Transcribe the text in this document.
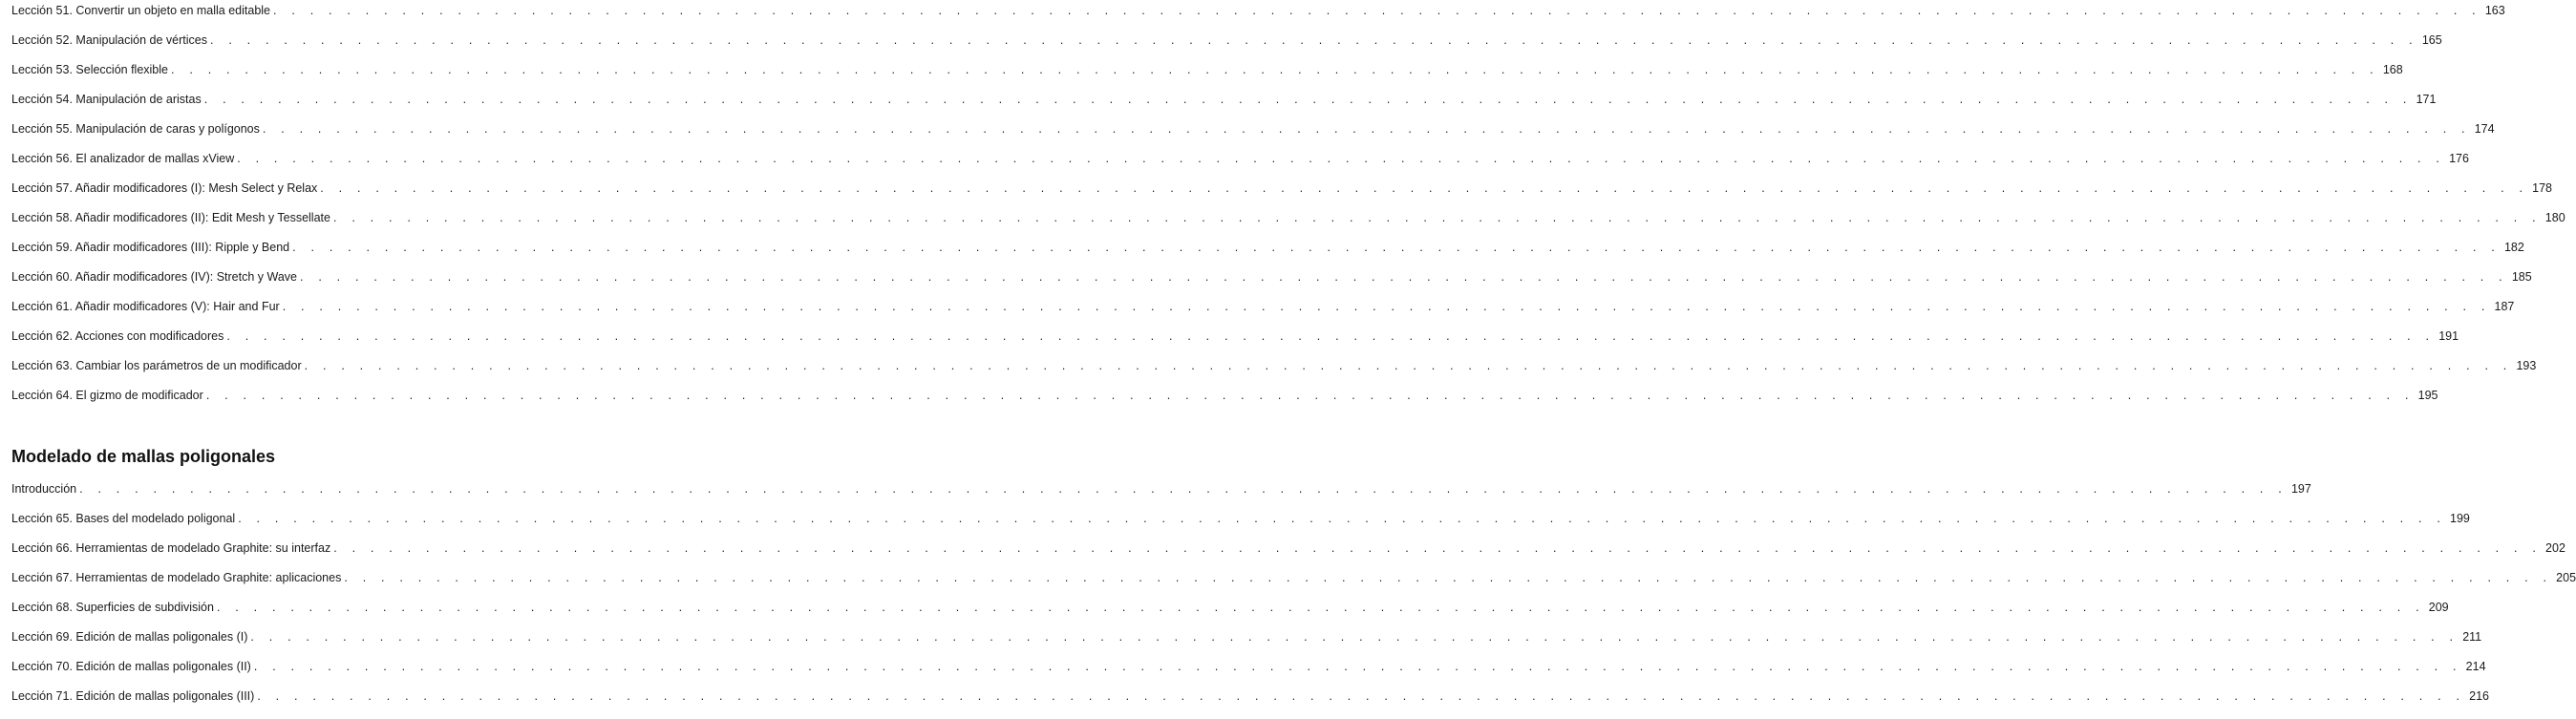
Lección 51. Convertir un objeto en malla editable . . . . . . . . . . . . . . . . . . . . . . . . . . . . . . . . . . . . . . . . . . . . . . . . . . . . . . . . . . . . . . . . . . . . . . . . . . . . . . . . . . . . . . . . . . . . . . . . . . . . . . . . . . . . . . . . . . . . . . . . 163
Lección 52. Manipulación de vértices . . . . . . . . . . . . . . . . . . . . . . . . . . . . . . . . . . . . . . . . . . . . . . . . . . . . . . . . . . . . . . . . . . . . . . . . . . . . . . . . . . . . . . . . . . . . . . . . . . . . . . . . . . . . . . . . . . . . . . . . 165
Lección 53. Selección flexible . . . . . . . . . . . . . . . . . . . . . . . . . . . . . . . . . . . . . . . . . . . . . . . . . . . . . . . . . . . . . . . . . . . . . . . . . . . . . . . . . . . . . . . . . . . . . . . . . . . . . . . . . . . . . . . . . . . . . . . . 168
Lección 54. Manipulación de aristas . . . . . . . . . . . . . . . . . . . . . . . . . . . . . . . . . . . . . . . . . . . . . . . . . . . . . . . . . . . . . . . . . . . . . . . . . . . . . . . . . . . . . . . . . . . . . . . . . . . . . . . . . . . . . . . . . . . . . . . . 171
Lección 55. Manipulación de caras y polígonos . . . . . . . . . . . . . . . . . . . . . . . . . . . . . . . . . . . . . . . . . . . . . . . . . . . . . . . . . . . . . . . . . . . . . . . . . . . . . . . . . . . . . . . . . . . . . . . . . . . . . . . . . . . . . . . . . . . . . . . . 174
Lección 56. El analizador de mallas xView . . . . . . . . . . . . . . . . . . . . . . . . . . . . . . . . . . . . . . . . . . . . . . . . . . . . . . . . . . . . . . . . . . . . . . . . . . . . . . . . . . . . . . . . . . . . . . . . . . . . . . . . . . . . . . . . . . . . . . . . 176
Lección 57. Añadir modificadores (I): Mesh Select y Relax . . . . . . . . . . . . . . . . . . . . . . . . . . . . . . . . . . . . . . . . . . . . . . . . . . . . . . . . . . . . . . . . . . . . . . . . . . . . . . . . . . . . . . . . . . . . . . . . . . . . . . . . . . . . . . . . . . . . . . . . 178
Lección 58. Añadir modificadores (II): Edit Mesh y Tessellate . . . . . . . . . . . . . . . . . . . . . . . . . . . . . . . . . . . . . . . . . . . . . . . . . . . . . . . . . . . . . . . . . . . . . . . . . . . . . . . . . . . . . . . . . . . . . . . . . . . . . . . . . . . . . . . . . . . . . . . . 180
Lección 59. Añadir modificadores (III): Ripple y Bend . . . . . . . . . . . . . . . . . . . . . . . . . . . . . . . . . . . . . . . . . . . . . . . . . . . . . . . . . . . . . . . . . . . . . . . . . . . . . . . . . . . . . . . . . . . . . . . . . . . . . . . . . . . . . . . . . . . . . . . . 182
Lección 60. Añadir modificadores (IV): Stretch y Wave . . . . . . . . . . . . . . . . . . . . . . . . . . . . . . . . . . . . . . . . . . . . . . . . . . . . . . . . . . . . . . . . . . . . . . . . . . . . . . . . . . . . . . . . . . . . . . . . . . . . . . . . . . . . . . . . . . . . . . . . 185
Lección 61. Añadir modificadores (V): Hair and Fur . . . . . . . . . . . . . . . . . . . . . . . . . . . . . . . . . . . . . . . . . . . . . . . . . . . . . . . . . . . . . . . . . . . . . . . . . . . . . . . . . . . . . . . . . . . . . . . . . . . . . . . . . . . . . . . . . . . . . . . . 187
Lección 62. Acciones con modificadores . . . . . . . . . . . . . . . . . . . . . . . . . . . . . . . . . . . . . . . . . . . . . . . . . . . . . . . . . . . . . . . . . . . . . . . . . . . . . . . . . . . . . . . . . . . . . . . . . . . . . . . . . . . . . . . . . . . . . . . . 191
Lección 63. Cambiar los parámetros de un modificador . . . . . . . . . . . . . . . . . . . . . . . . . . . . . . . . . . . . . . . . . . . . . . . . . . . . . . . . . . . . . . . . . . . . . . . . . . . . . . . . . . . . . . . . . . . . . . . . . . . . . . . . . . . . . . . . . . . . . . . . 193
Lección 64. El gizmo de modificador . . . . . . . . . . . . . . . . . . . . . . . . . . . . . . . . . . . . . . . . . . . . . . . . . . . . . . . . . . . . . . . . . . . . . . . . . . . . . . . . . . . . . . . . . . . . . . . . . . . . . . . . . . . . . . . . . . . . . . . . 195
Modelado de mallas poligonales
Introducción . . . . . . . . . . . . . . . . . . . . . . . . . . . . . . . . . . . . . . . . . . . . . . . . . . . . . . . . . . . . . . . . . . . . . . . . . . . . . . . . . . . . . . . . . . . . . . . . . . . . . . . . . . . . . . . . . . . . . . . . 197
Lección 65. Bases del modelado poligonal . . . . . . . . . . . . . . . . . . . . . . . . . . . . . . . . . . . . . . . . . . . . . . . . . . . . . . . . . . . . . . . . . . . . . . . . . . . . . . . . . . . . . . . . . . . . . . . . . . . . . . . . . . . . . . . . . . . . . . . . 199
Lección 66. Herramientas de modelado Graphite: su interfaz . . . . . . . . . . . . . . . . . . . . . . . . . . . . . . . . . . . . . . . . . . . . . . . . . . . . . . . . . . . . . . . . . . . . . . . . . . . . . . . . . . . . . . . . . . . . . . . . . . . . . . . . . . . . . . . . . . . . . . . . 202
Lección 67. Herramientas de modelado Graphite: aplicaciones . . . . . . . . . . . . . . . . . . . . . . . . . . . . . . . . . . . . . . . . . . . . . . . . . . . . . . . . . . . . . . . . . . . . . . . . . . . . . . . . . . . . . . . . . . . . . . . . . . . . . . . . . . . . . . . . . . . . . . . . 205
Lección 68. Superficies de subdivisión . . . . . . . . . . . . . . . . . . . . . . . . . . . . . . . . . . . . . . . . . . . . . . . . . . . . . . . . . . . . . . . . . . . . . . . . . . . . . . . . . . . . . . . . . . . . . . . . . . . . . . . . . . . . . . . . . . . . . . . . 209
Lección 69. Edición de mallas poligonales (I) . . . . . . . . . . . . . . . . . . . . . . . . . . . . . . . . . . . . . . . . . . . . . . . . . . . . . . . . . . . . . . . . . . . . . . . . . . . . . . . . . . . . . . . . . . . . . . . . . . . . . . . . . . . . . . . . . . . . . . . . 211
Lección 70. Edición de mallas poligonales (II) . . . . . . . . . . . . . . . . . . . . . . . . . . . . . . . . . . . . . . . . . . . . . . . . . . . . . . . . . . . . . . . . . . . . . . . . . . . . . . . . . . . . . . . . . . . . . . . . . . . . . . . . . . . . . . . . . . . . . . . . 214
Lección 71. Edición de mallas poligonales (III) . . . . . . . . . . . . . . . . . . . . . . . . . . . . . . . . . . . . . . . . . . . . . . . . . . . . . . . . . . . . . . . . . . . . . . . . . . . . . . . . . . . . . . . . . . . . . . . . . . . . . . . . . . . . . . . . . . . . . . . . 216
